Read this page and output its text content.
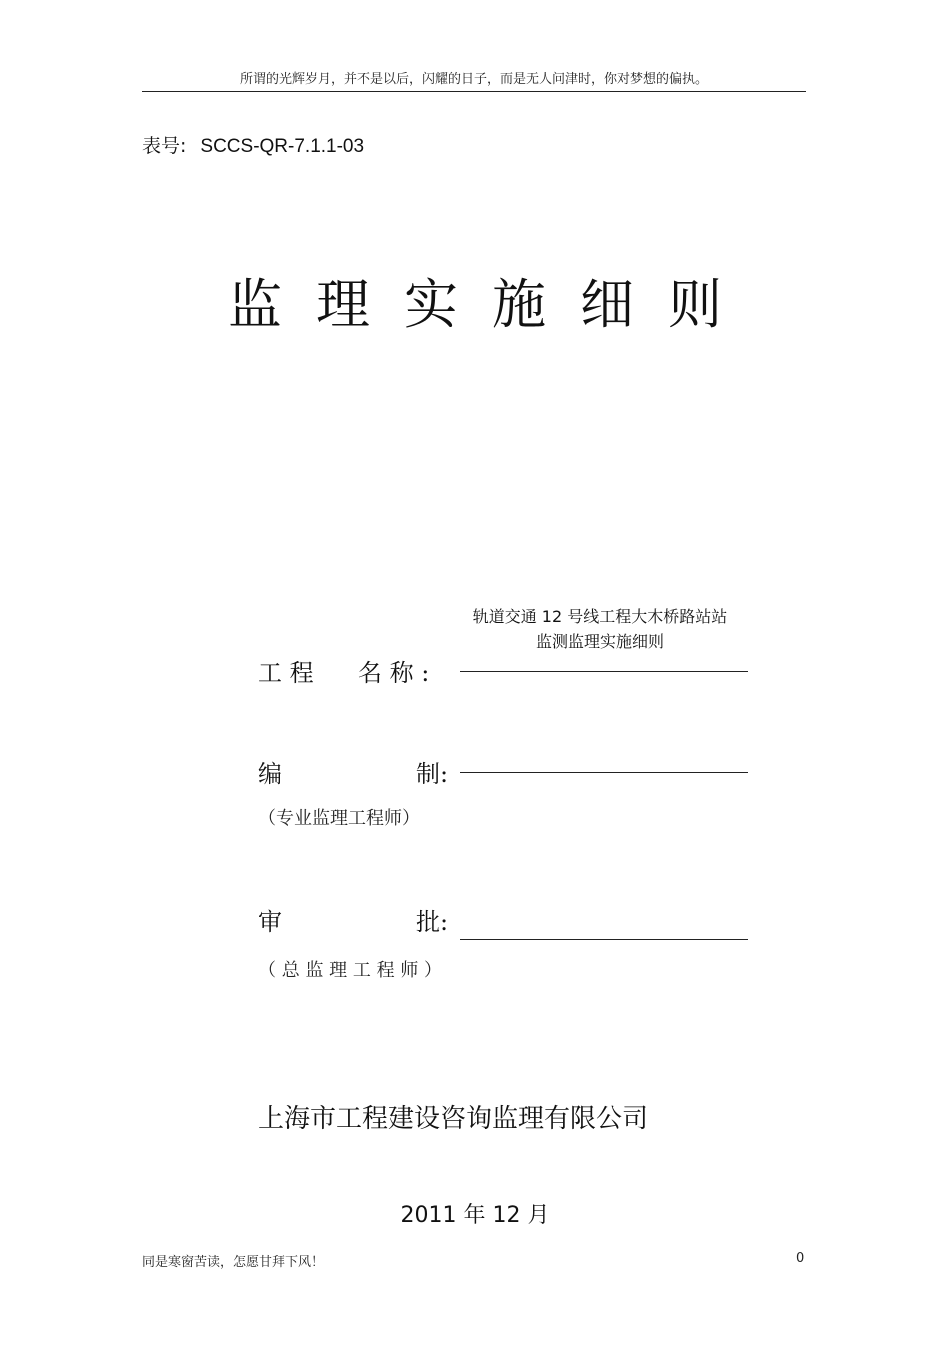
所谓的光辉岁月，并不是以后，闪耀的日子，而是无人问津时，你对梦想的偏执。
表号: SCCS-QR-7.1.1-03
监理实施细则
轨道交通 12 号线工程大木桥路站站
监测监理实施细则
工 程 名 称 :
编	制:
（专业监理工程师）
审	批:
（ 总 监 理 工 程 师 ）
上海市工程建设咨询监理有限公司
2011 年 12 月
同是寒窗苦读，怎愿甘拜下风！	0
